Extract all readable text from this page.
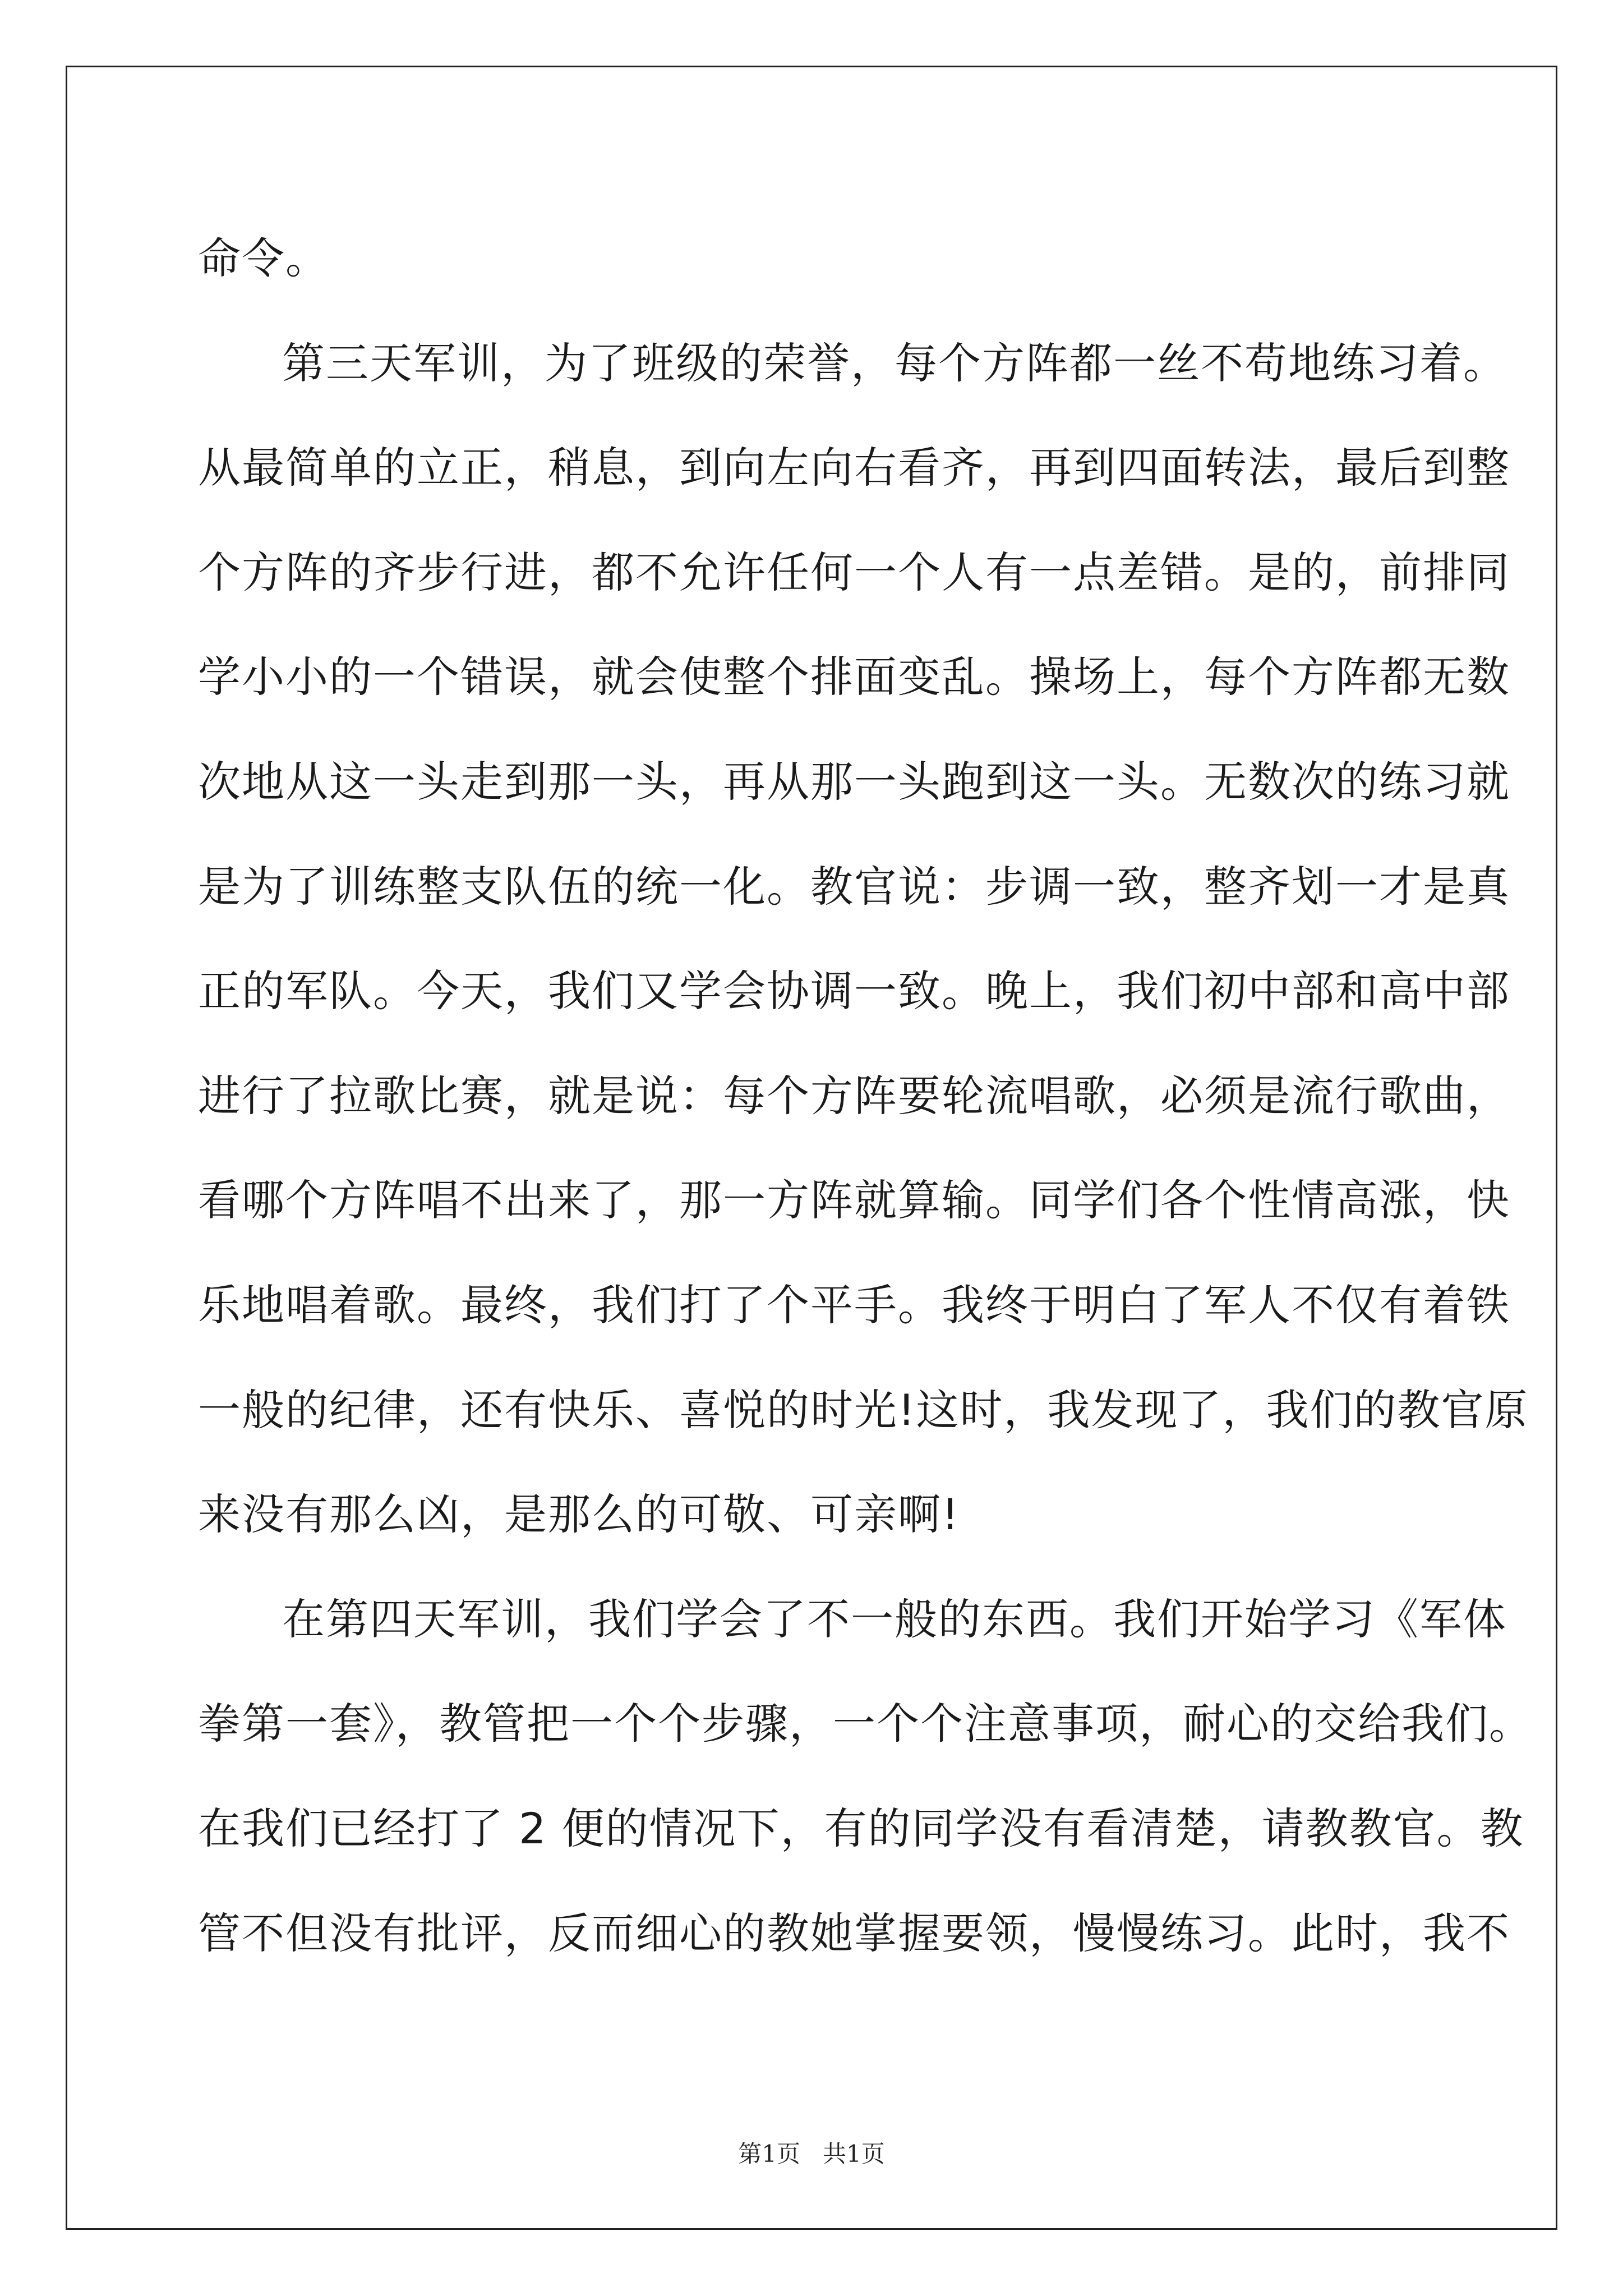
命令。
第三天军训，为了班级的荣誉，每个方阵都一丝不苟地练习着。
从最简单的立正，稍息，到向左向右看齐，再到四面转法，最后到整
个方阵的齐步行进，都不允许任何一个人有一点差错。是的，前排同
学小小的一个错误，就会使整个排面变乱。操场上，每个方阵都无数
次地从这一头走到那一头，再从那一头跑到这一头。无数次的练习就
是为了训练整支队伍的统一化。教官说：步调一致，整齐划一才是真
正的军队。今天，我们又学会协调一致。晚上，我们初中部和高中部
进行了拉歌比赛，就是说：每个方阵要轮流唱歌，必须是流行歌曲，
看哪个方阵唱不出来了，那一方阵就算输。同学们各个性情高涨，快
乐地唱着歌。最终，我们打了个平手。我终于明白了军人不仅有着铁
一般的纪律，还有快乐、喜悦的时光!这时，我发现了，我们的教官原
来没有那么凶，是那么的可敬、可亲啊!
在第四天军训，我们学会了不一般的东西。我们开始学习《军体
拳第一套》，教管把一个个步骤，一个个注意事项，耐心的交给我们。
在我们已经打了 2 便的情况下，有的同学没有看清楚，请教教官。教
管不但没有批评，反而细心的教她掌握要领，慢慢练习。此时，我不
第1页   共1页
